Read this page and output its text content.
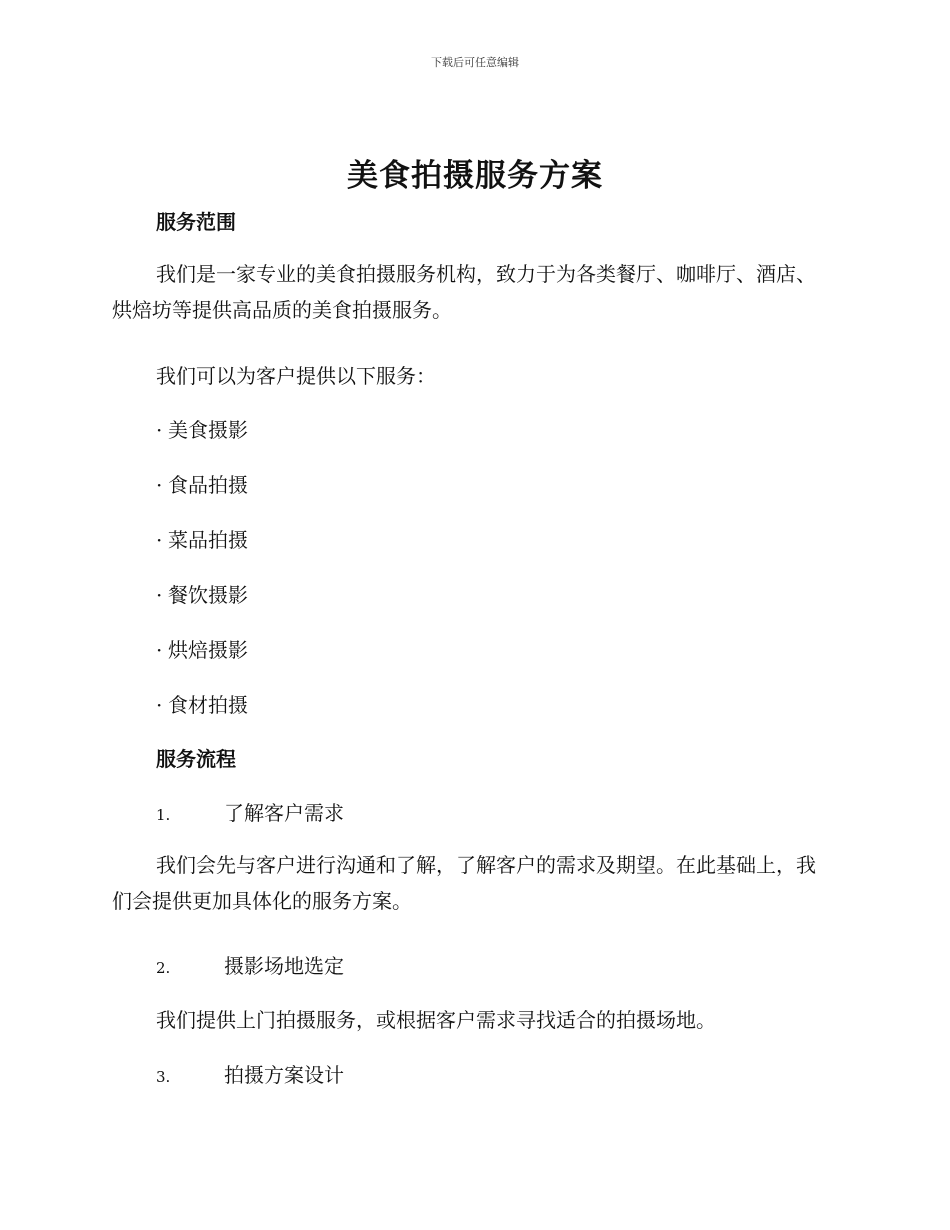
下载后可任意编辑
美食拍摄服务方案
服务范围

我们是一家专业的美食拍摄服务机构，致力于为各类餐厅、咖啡厅、酒店、烘焙坊等提供高品质的美食拍摄服务。

我们可以为客户提供以下服务：

· 美食摄影

· 食品拍摄

· 菜品拍摄

· 餐饮摄影

· 烘焙摄影

· 食材拍摄

服务流程

1.	了解客户需求

我们会先与客户进行沟通和了解，了解客户的需求及期望。在此基础上，我们会提供更加具体化的服务方案。

2.	摄影场地选定

我们提供上门拍摄服务，或根据客户需求寻找适合的拍摄场地。

3.	拍摄方案设计
